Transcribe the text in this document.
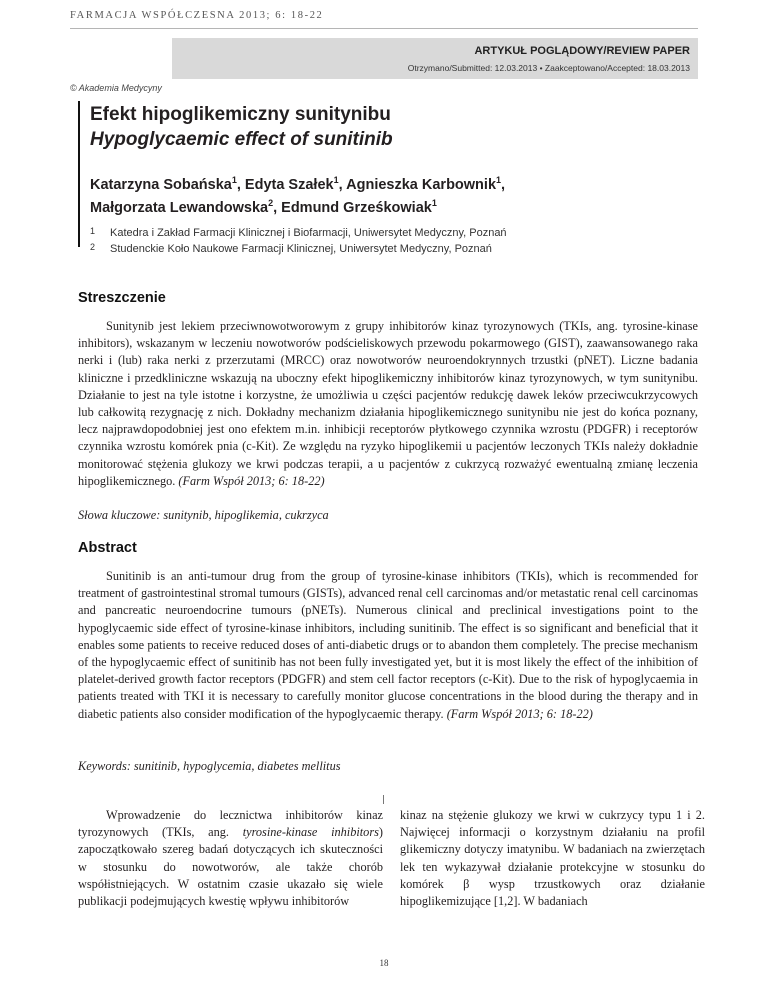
FARMACJA WSPÓŁCZESNA 2013; 6: 18-22
ARTYKUŁ POGLĄDOWY/REVIEW PAPER
Otrzymano/Submitted: 12.03.2013 • Zaakceptowano/Accepted: 18.03.2013
© Akademia Medycyny

Efekt hipoglikemiczny sunitynibu

Hypoglycaemic effect of sunitinib

Katarzyna Sobańska$^1$, Edyta Szałek$^1$, Agnieszka Karbownik$^1$,
Małgorzata Lewandowska$^2$, Edmund Grześkowiak$^1$
1 Katedra i Zakład Farmacji Klinicznej i Biofarmacji, Uniwersytet Medyczny, Poznań
2 Studenckie Koło Naukowe Farmacji Klinicznej, Uniwersytet Medyczny, Poznań
Streszczenie

Sunitynib jest lekiem przeciwnowotworowym z grupy inhibitorów kinaz tyrozynowych (TKIs, ang. tyrosine-kinase inhibitors), wskazanym w leczeniu nowotworów podścieliskowych przewodu pokarmowego (GIST), zaawansowanego raka nerki i (lub) raka nerki z przerzutami (MRCC) oraz nowotworów neuroendokrynnych trzustki (pNET). Liczne badania kliniczne i przedkliniczne wskazują na uboczny efekt hipoglikemiczny inhibitorów kinaz tyrozynowych, w tym sunitynibu. Działanie to jest na tyle istotne i korzystne, że umożliwia u części pacjentów redukcję dawek leków przeciwcukrzycowych lub całkowitą rezygnację z nich. Dokładny mechanizm działania hipoglikemicznego sunitynibu nie jest do końca poznany, lecz najprawdopodobniej jest ono efektem m.in. inhibicji receptorów płytkowego czynnika wzrostu (PDGFR) i receptorów czynnika wzrostu komórek pnia (c-Kit). Ze względu na ryzyko hipoglikemii u pacjentów leczonych TKIs należy dokładnie monitorować stężenia glukozy we krwi podczas terapii, a u pacjentów z cukrzycą rozważyć ewentualną zmianę leczenia hipoglikemicznego. (Farm Współ 2013; 6: 18-22)

Słowa kluczowe: sunitynib, hipoglikemia, cukrzyca

Abstract

Sunitinib is an anti-tumour drug from the group of tyrosine-kinase inhibitors (TKIs), which is recommended for treatment of gastrointestinal stromal tumours (GISTs), advanced renal cell carcinomas and/or metastatic renal cell carcinomas and pancreatic neuroendocrine tumours (pNETs). Numerous clinical and preclinical investigations point to the hypoglycaemic side effect of tyrosine-kinase inhibitors, including sunitinib. The effect is so significant and beneficial that it enables some patients to receive reduced doses of anti-diabetic drugs or to abandon them completely. The precise mechanism of the hypoglycaemic effect of sunitinib has not been fully investigated yet, but it is most likely the effect of the inhibition of platelet-derived growth factor receptors (PDGFR) and stem cell factor receptors (c-Kit). Due to the risk of hypoglycaemia in patients treated with TKI it is necessary to carefully monitor glucose concentrations in the blood during the therapy and in diabetic patients also consider modification of the hypoglycaemic therapy. (Farm Współ 2013; 6: 18-22)

Keywords: sunitinib, hypoglycemia, diabetes mellitus

Wprowadzenie do lecznictwa inhibitorów kinaz tyrozynowych (TKIs, ang. tyrosine-kinase inhibitors) zapoczątkowało szereg badań dotyczących ich skuteczności w stosunku do nowotworów, ale także chorób współistniejących. W ostatnim czasie ukazało się wiele publikacji podejmujących kwestię wpływu inhibitorów

kinaz na stężenie glukozy we krwi w cukrzycy typu 1 i 2. Najwięcej informacji o korzystnym działaniu na profil glikemiczny dotyczy imatynibu. W badaniach na zwierzętach lek ten wykazywał działanie protekcyjne w stosunku do komórek β wysp trzustkowych oraz działanie hipoglikemizujące [1,2]. W badaniach

18
